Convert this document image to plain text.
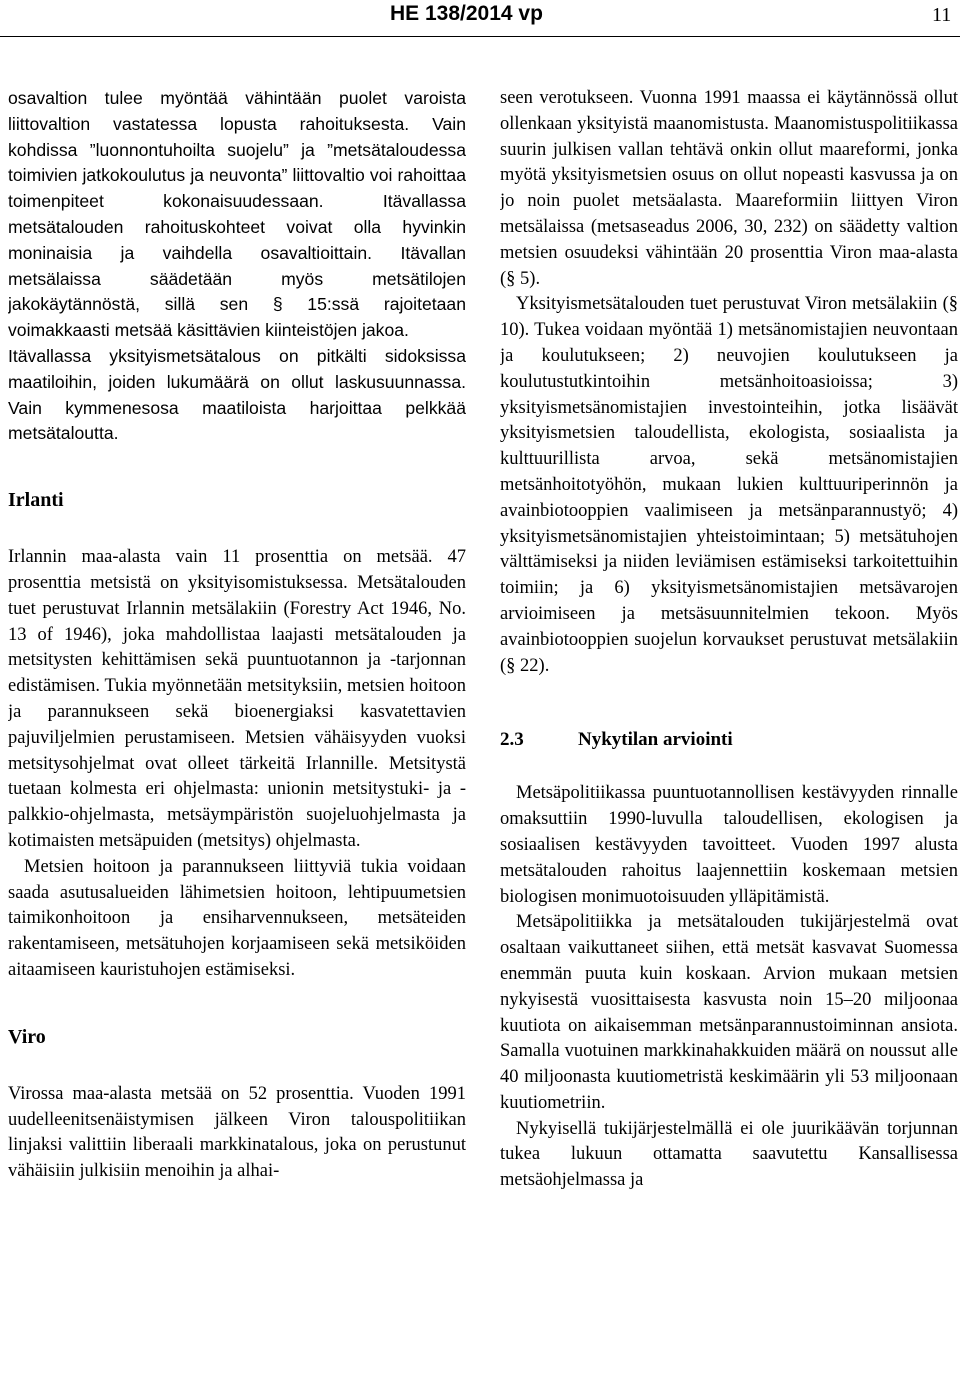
HE 138/2014 vp	11

osavaltion tulee myöntää vähintään puolet varoista liittovaltion vastatessa lopusta rahoituksesta. Vain kohdissa ”luonnontuhoilta suojelu” ja ”metsätaloudessa toimivien jatkokoulutus ja neuvonta” liittovaltio voi rahoittaa toimenpiteet kokonaisuudessaan. Itävallassa metsätalouden rahoituskohteet voivat olla hyvinkin moninaisia ja vaihdella osavaltioittain. Itävallan metsälaissa säädetään myös metsätilojen jakokäytännöstä, sillä sen § 15:ssä rajoitetaan voimakkaasti metsää käsittävien kiinteistöjen jakoa.

Itävallassa yksityismetsätalous on pitkälti sidoksissa maatiloihin, joiden lukumäärä on ollut laskusuunnassa. Vain kymmenesosa maatiloista harjoittaa pelkkää metsätaloutta.

Irlanti

Irlannin maa-alasta vain 11 prosenttia on metsää. 47 prosenttia metsistä on yksityisomistuksessa. Metsätalouden tuet perustuvat Irlannin metsälakiin (Forestry Act 1946, No. 13 of 1946), joka mahdollistaa laajasti metsätalouden ja metsitysten kehittämisen sekä puuntuotannon ja -tarjonnan edistämisen. Tukia myönnetään metsityksiin, metsien hoitoon ja parannukseen sekä bioenergiaksi kasvatettavien pajuviljelmien perustamiseen. Metsien vähäisyyden vuoksi metsitysohjelmat ovat olleet tärkeitä Irlannille. Metsitystä tuetaan kolmesta eri ohjelmasta: unionin metsitystuki- ja -palkkio-ohjelmasta, metsäympäristön suojeluohjelmasta ja kotimaisten metsäpuiden (metsitys) ohjelmasta.

Metsien hoitoon ja parannukseen liittyviä tukia voidaan saada asutusalueiden lähimetsien hoitoon, lehtipuumetsien taimikonhoitoon ja ensiharvennukseen, metsäteiden rakentamiseen, metsätuhojen korjaamiseen sekä metsiköiden aitaamiseen kauristuhojen estämiseksi.

Viro

Virossa maa-alasta metsää on 52 prosenttia. Vuoden 1991 uudelleenitsenäistymisen jälkeen Viron talouspolitiikan linjaksi valittiin liberaali markkinatalous, joka on perustunut vähäisiin julkisiin menoihin ja alhai-

seen verotukseen. Vuonna 1991 maassa ei käytännössä ollut ollenkaan yksityistä maanomistusta. Maanomistuspolitiikassa suurin julkisen vallan tehtävä onkin ollut maareformi, jonka myötä yksityismetsien osuus on ollut nopeasti kasvussa ja on jo noin puolet metsäalasta. Maareformiin liittyen Viron metsälaissa (metsaseadus 2006, 30, 232) on säädetty valtion metsien osuudeksi vähintään 20 prosenttia Viron maa-alasta (§ 5).

Yksityismetsätalouden tuet perustuvat Viron metsälakiin (§ 10). Tukea voidaan myöntää 1) metsänomistajien neuvontaan ja koulutukseen; 2) neuvojien koulutukseen ja koulutustutkintoihin metsänhoitoasioissa; 3) yksityismetsänomistajien investointeihin, jotka lisäävät yksityismetsien taloudellista, ekologista, sosiaalista ja kulttuurillista arvoa, sekä metsänomistajien metsänhoitotyöhön, mukaan lukien kulttuuriperinnön ja avainbiotooppien vaalimiseen ja metsänparannustyö; 4) yksityismetsänomistajien yhteistoimintaan; 5) metsätuhojen välttämiseksi ja niiden leviämisen estämiseksi tarkoitettuihin toimiin; ja 6) yksityismetsänomistajien metsävarojen arvioimiseen ja metsäsuunnitelmien tekoon. Myös avainbiotooppien suojelun korvaukset perustuvat metsälakiin (§ 22).

2.3	Nykytilan arviointi

Metsäpolitiikassa puuntuotannollisen kestävyyden rinnalle omaksuttiin 1990-luvulla taloudellisen, ekologisen ja sosiaalisen kestävyyden tavoitteet. Vuoden 1997 alusta metsätalouden rahoitus laajennettiin koskemaan metsien biologisen monimuotoisuuden ylläpitämistä.

Metsäpolitiikka ja metsätalouden tukijärjestelmä ovat osaltaan vaikuttaneet siihen, että metsät kasvavat Suomessa enemmän puuta kuin koskaan. Arvion mukaan metsien nykyisestä vuosittaisesta kasvusta noin 15–20 miljoonaa kuutiota on aikaisemman metsänparannustoiminnan ansiota. Samalla vuotuinen markkinahakkuiden määrä on noussut alle 40 miljoonasta kuutiometristä keskimäärin yli 53 miljoonaan kuutiometriin.

Nykyisellä tukijärjestelmällä ei ole juurikäävän torjunnan tukea lukuun ottamatta saavutettu Kansallisessa metsäohjelmassa ja
